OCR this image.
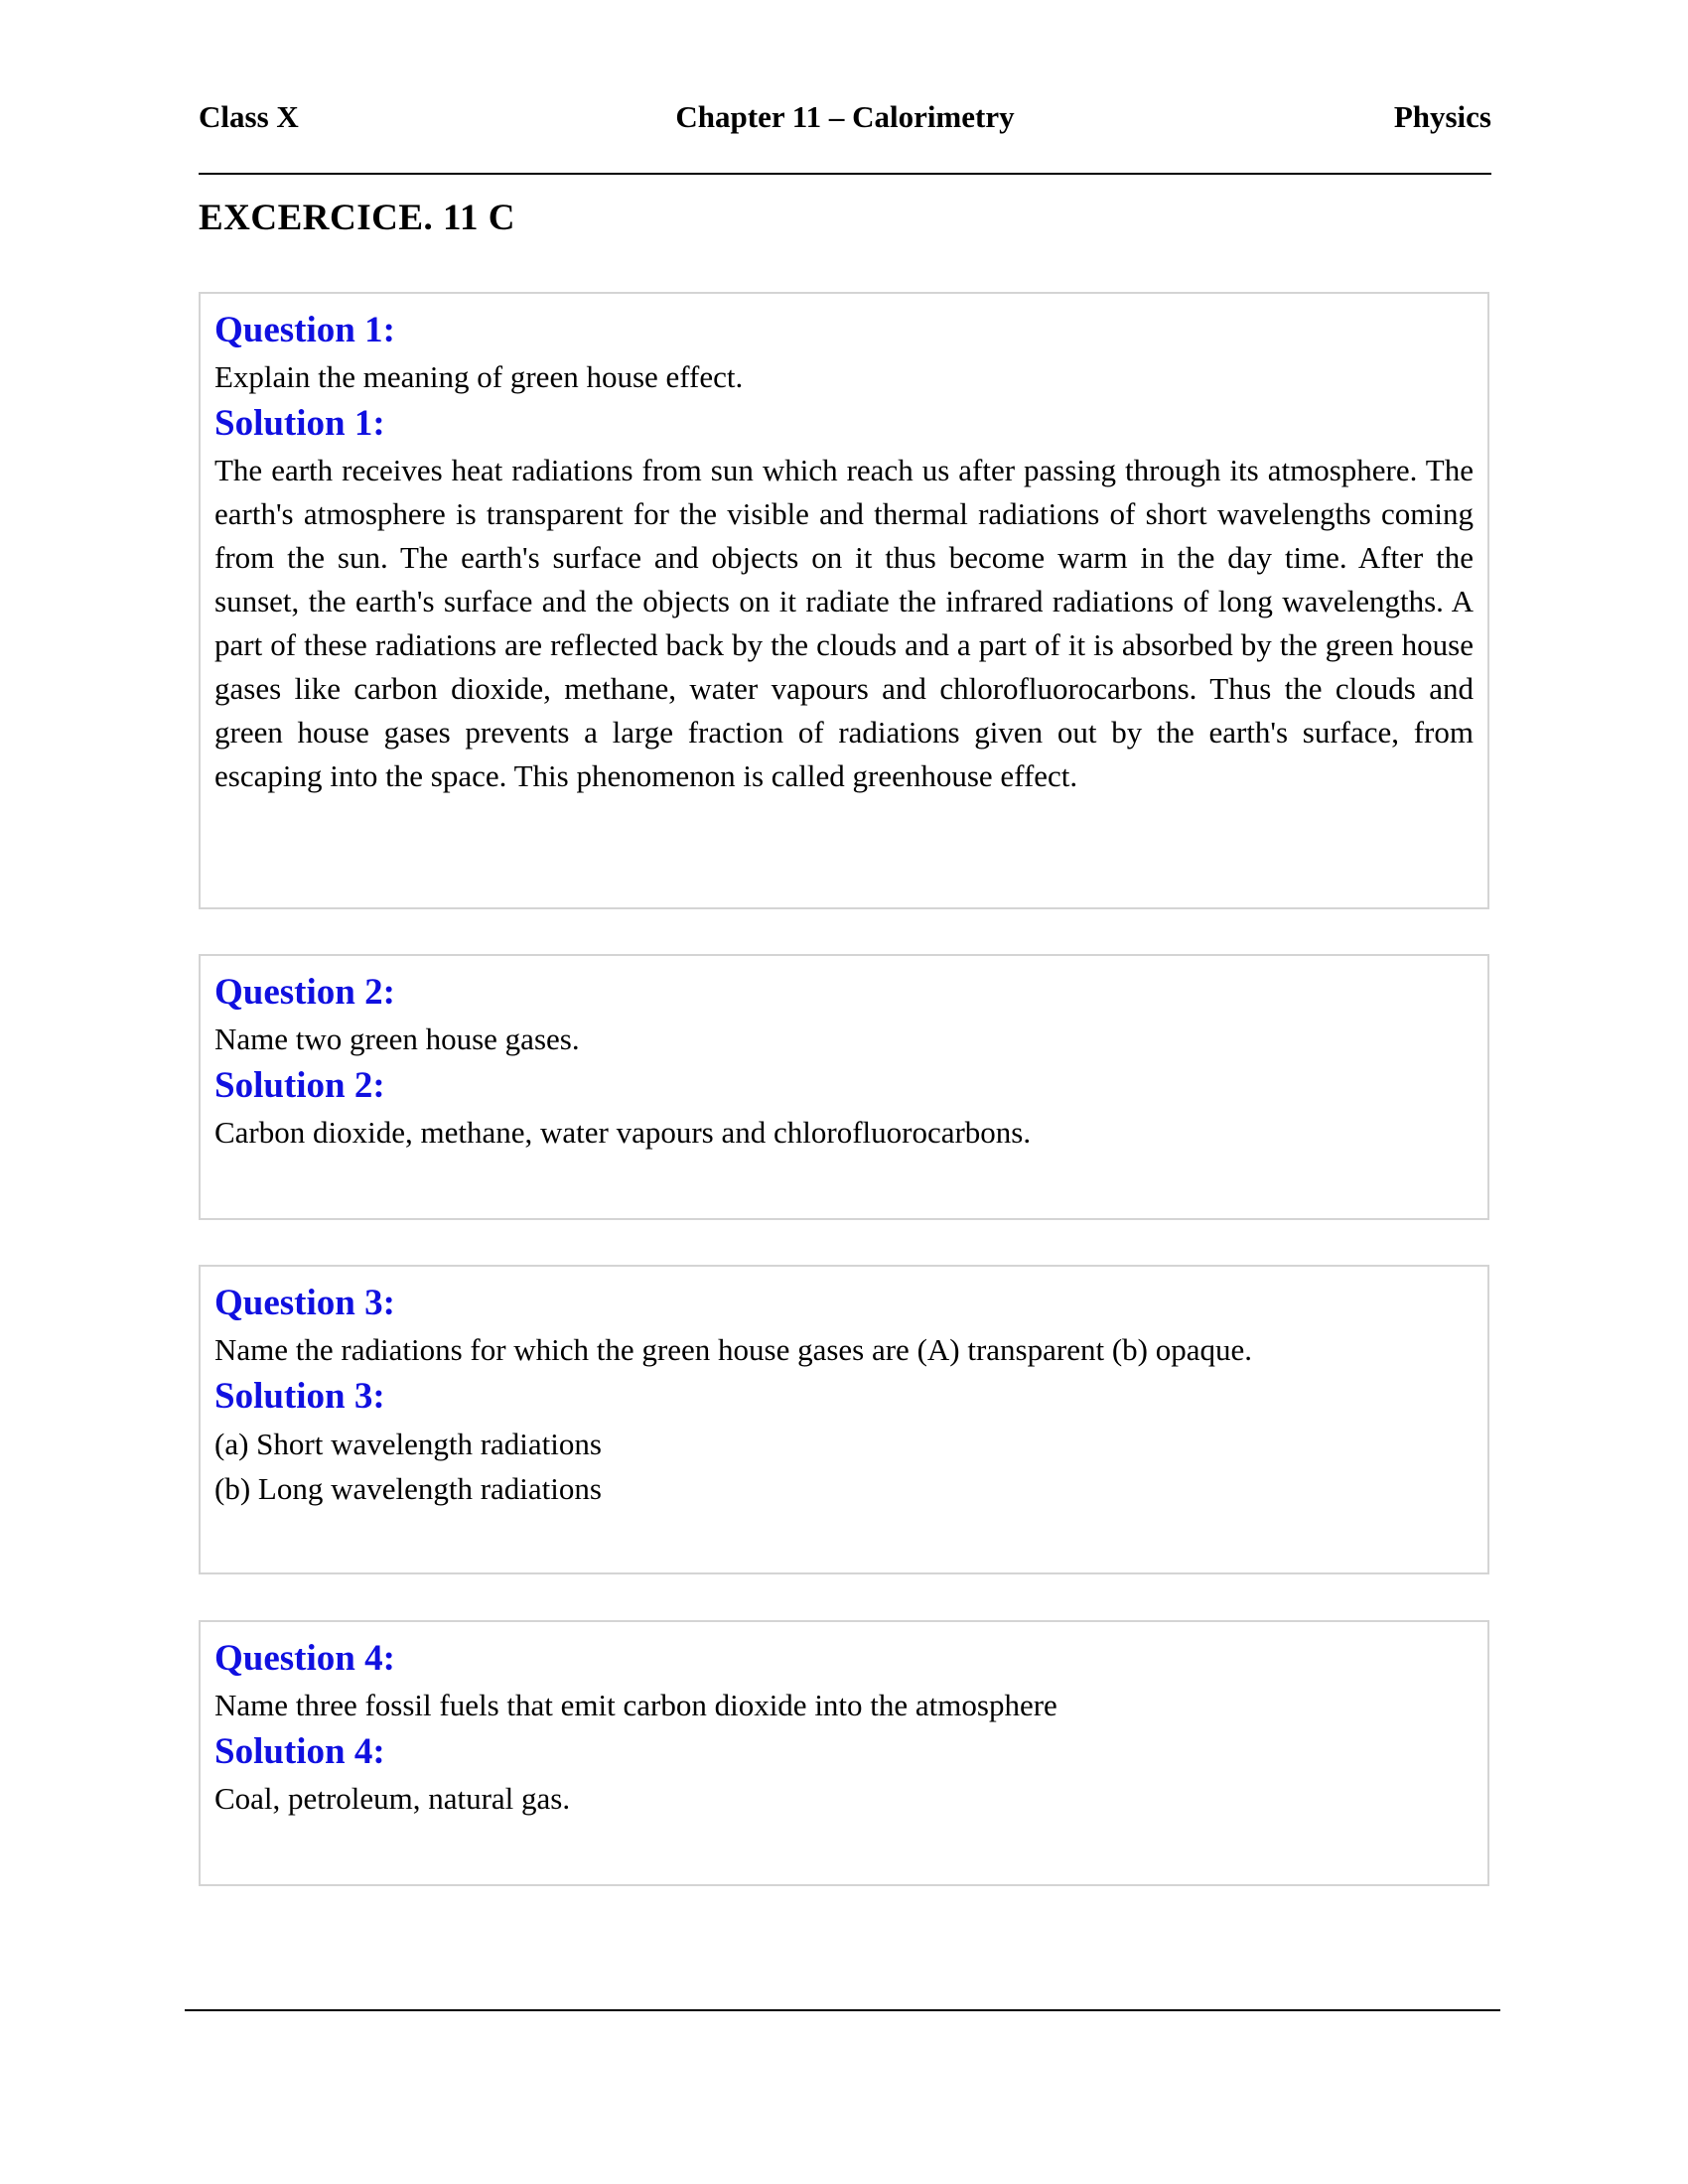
Class X	Chapter 11 – Calorimetry	Physics
EXCERCICE. 11 C
Question 1:
Explain the meaning of green house effect.
Solution 1:
The earth receives heat radiations from sun which reach us after passing through its atmosphere. The earth's atmosphere is transparent for the visible and thermal radiations of short wavelengths coming from the sun. The earth's surface and objects on it thus become warm in the day time. After the sunset, the earth's surface and the objects on it radiate the infrared radiations of long wavelengths. A part of these radiations are reflected back by the clouds and a part of it is absorbed by the green house gases like carbon dioxide, methane, water vapours and chlorofluorocarbons. Thus the clouds and green house gases prevents a large fraction of radiations given out by the earth's surface, from escaping into the space. This phenomenon is called greenhouse effect.
Question 2:
Name two green house gases.
Solution 2:
Carbon dioxide, methane, water vapours and chlorofluorocarbons.
Question 3:
Name the radiations for which the green house gases are (A) transparent (b) opaque.
Solution 3:
(a) Short wavelength radiations
(b) Long wavelength radiations
Question 4:
Name three fossil fuels that emit carbon dioxide into the atmosphere
Solution 4:
Coal, petroleum, natural gas.
